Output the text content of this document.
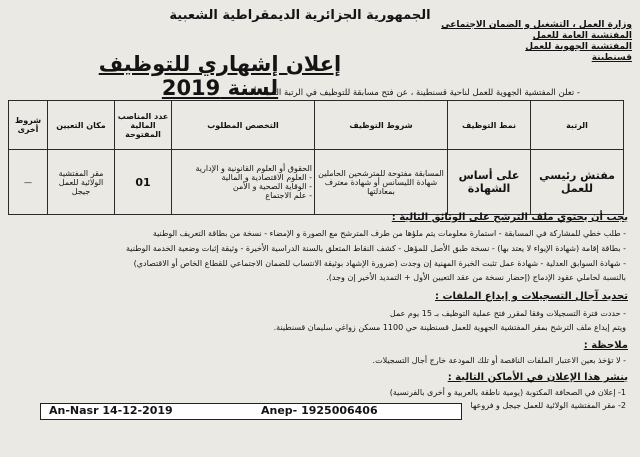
الجمهورية الجزائرية الديمقراطية الشعبية
وزارة العمل ، التشغيل و الضمان الاجتماعي
المفتشية العامة للعمل
المفتشية الجهوية للعمل
قسنطينة
إعلان إشهاري للتوظيف لسنة 2019
- تعلن المفتشية الجهوية للعمل لناحية قسنطينة ، عن فتح مسابقة للتوظيف في الرتبة المبينة أدناه
الرتبة	نمط التوظيف	شروط التوظيف	التخصص المطلوب	عدد المناصب المالية المفتوحة	مكان التعيين	شروط أخرى
مفتش رئيسي للعمل	على أساس الشهادة	المسابقة مفتوحة للمترشحين الحاملين شهادة الليسانس أو شهادة معترف بمعادلتها	الحقوق أو العلوم القانونية و الإدارية
- العلوم الاقتصادية و المالية
- الوقاية الصحية و الأمن
- علم الاجتماع	01	مقر المفتشية الولائية للعمل جيجل	—
يجب أن يحتوي ملف الترشح على الوثائق التالية :
- طلب خطي للمشاركة في المسابقة - استمارة معلومات يتم ملؤها من طرف المترشح مع الصورة و الإمضاء - نسخة من بطاقة التعريف الوطنية
- بطاقة إقامة (شهادة الإيواء لا يعتد بها) - نسخة طبق الأصل للمؤهل - كشف النقاط المتعلق بالسنة الدراسية الأخيرة - وثيقة إثبات وضعية الخدمة الوطنية
- شهادة السوابق العدلية - شهادة عمل تثبت الخبرة المهنية إن وجدت (ضرورة الإشهاد بوثيقة الانتساب للضمان الاجتماعي للقطاع الخاص أو الاقتصادي)
بالنسبة لحاملي عقود الإدماج (إحضار نسخة من عقد التعيين الأول + التمديد الأخير إن وجد).
تحديد آجال التسجيلات و إيداع الملفات :
- حددت فترة التسجيلات وفقا لمقرر فتح عملية التوظيف بـ 15 يوم عمل
ويتم إيداع ملف الترشح بمقر المفتشية الجهوية للعمل قسنطينة حي 1100 مسكن زواغي سليمان قسنطينة.
ملاحظة :
- لا تؤخذ بعين الاعتبار الملفات الناقصة أو تلك المودعة خارج أجال التسجيلات.
ينشر هذا الإعلان في الأماكن التالية :
1- إعلان في الصحافة المكتوبة (يومية ناطقة بالعربية و أخرى بالفرنسية)
2- مقر المفتشية الولائية للعمل جيجل و فروعها
An-Nasr 14-12-2019	Anep- 1925006406
